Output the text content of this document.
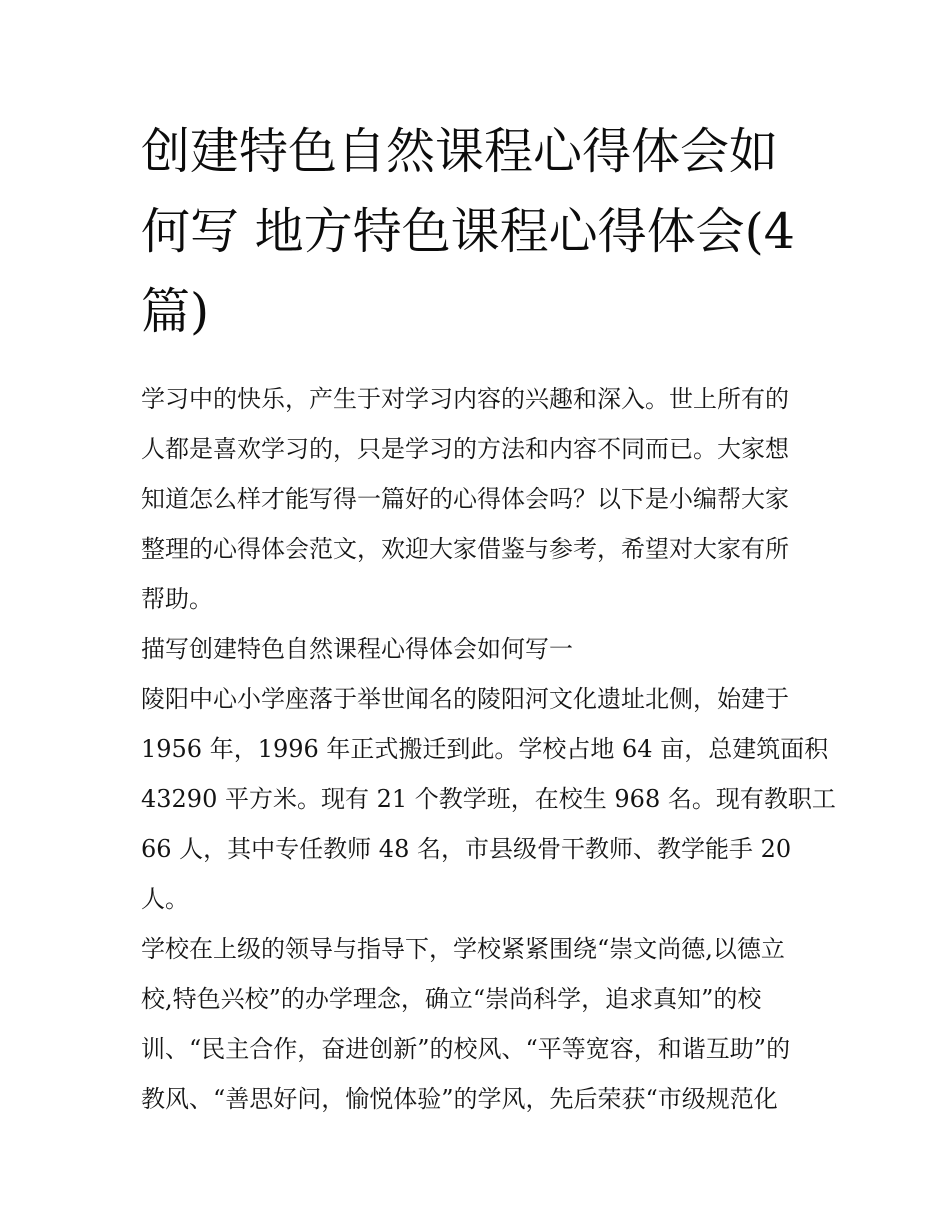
创建特色自然课程心得体会如
何写 地方特色课程心得体会(4
篇)

学习中的快乐，产生于对学习内容的兴趣和深入。世上所有的
人都是喜欢学习的，只是学习的方法和内容不同而已。大家想
知道怎么样才能写得一篇好的心得体会吗？以下是小编帮大家
整理的心得体会范文，欢迎大家借鉴与参考，希望对大家有所
帮助。

描写创建特色自然课程心得体会如何写一

陵阳中心小学座落于举世闻名的陵阳河文化遗址北侧，始建于
1956 年，1996 年正式搬迁到此。学校占地 64 亩，总建筑面积
43290 平方米。现有 21 个教学班，在校生 968 名。现有教职工
66 人，其中专任教师 48 名，市县级骨干教师、教学能手 20
人。

学校在上级的领导与指导下，学校紧紧围绕“崇文尚德,以德立
校,特色兴校”的办学理念，确立“崇尚科学，追求真知”的校
训、“民主合作，奋进创新”的校风、“平等宽容，和谐互助”的
教风、“善思好问，愉悦体验”的学风，先后荣获“市级规范化
